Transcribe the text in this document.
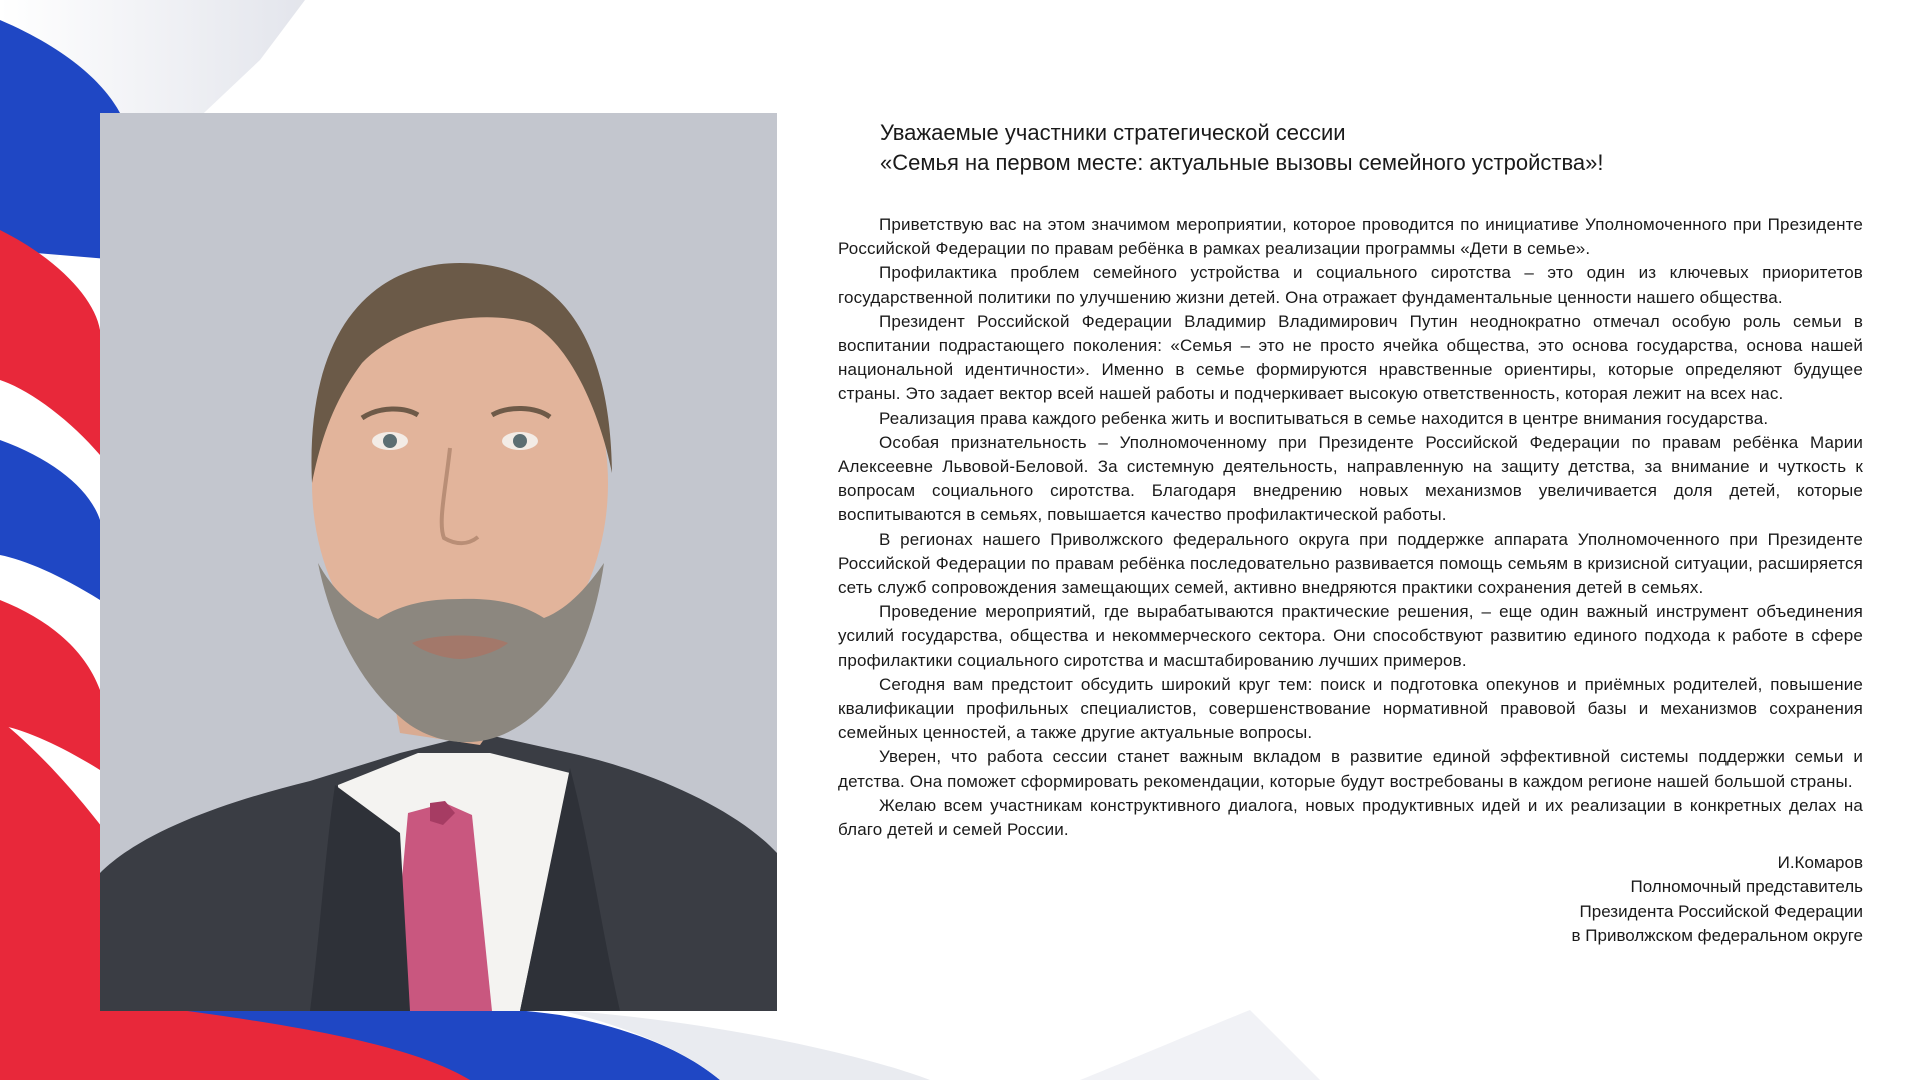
Уважаемые участники стратегической сессии
«Семья на первом месте: актуальные вызовы семейного устройства»!

Приветствую вас на этом значимом мероприятии, которое проводится по инициативе Уполномоченного при Президенте Российской Федерации по правам ребёнка в рамках реализации программы «Дети в семье».

Профилактика проблем семейного устройства и социального сиротства – это один из ключевых приоритетов государственной политики по улучшению жизни детей. Она отражает фундаментальные ценности нашего общества.

Президент Российской Федерации Владимир Владимирович Путин неоднократно отмечал особую роль семьи в воспитании подрастающего поколения: «Семья – это не просто ячейка общества, это основа государства, основа нашей национальной идентичности». Именно в семье формируются нравственные ориентиры, которые определяют будущее страны. Это задает вектор всей нашей работы и подчеркивает высокую ответственность, которая лежит на всех нас.

Реализация права каждого ребенка жить и воспитываться в семье находится в центре внимания государства.

Особая признательность – Уполномоченному при Президенте Российской Федерации по правам ребёнка Марии Алексеевне Львовой-Беловой. За системную деятельность, направленную на защиту детства, за внимание и чуткость к вопросам социального сиротства. Благодаря внедрению новых механизмов увеличивается доля детей, которые воспитываются в семьях, повышается качество профилактической работы.

В регионах нашего Приволжского федерального округа при поддержке аппарата Уполномоченного при Президенте Российской Федерации по правам ребёнка последовательно развивается помощь семьям в кризисной ситуации, расширяется сеть служб сопровождения замещающих семей, активно внедряются практики сохранения детей в семьях.

Проведение мероприятий, где вырабатываются практические решения, – еще один важный инструмент объединения усилий государства, общества и некоммерческого сектора. Они способствуют развитию единого подхода к работе в сфере профилактики социального сиротства и масштабированию лучших примеров.

Сегодня вам предстоит обсудить широкий круг тем: поиск и подготовка опекунов и приёмных родителей, повышение квалификации профильных специалистов, совершенствование нормативной правовой базы и механизмов сохранения семейных ценностей, а также другие актуальные вопросы.

Уверен, что работа сессии станет важным вкладом в развитие единой эффективной системы поддержки семьи и детства. Она поможет сформировать рекомендации, которые будут востребованы в каждом регионе нашей большой страны.

Желаю всем участникам конструктивного диалога, новых продуктивных идей и их реализации в конкретных делах на благо детей и семей России.

И.Комаров
Полномочный представитель
Президента Российской Федерации
в Приволжском федеральном округе
